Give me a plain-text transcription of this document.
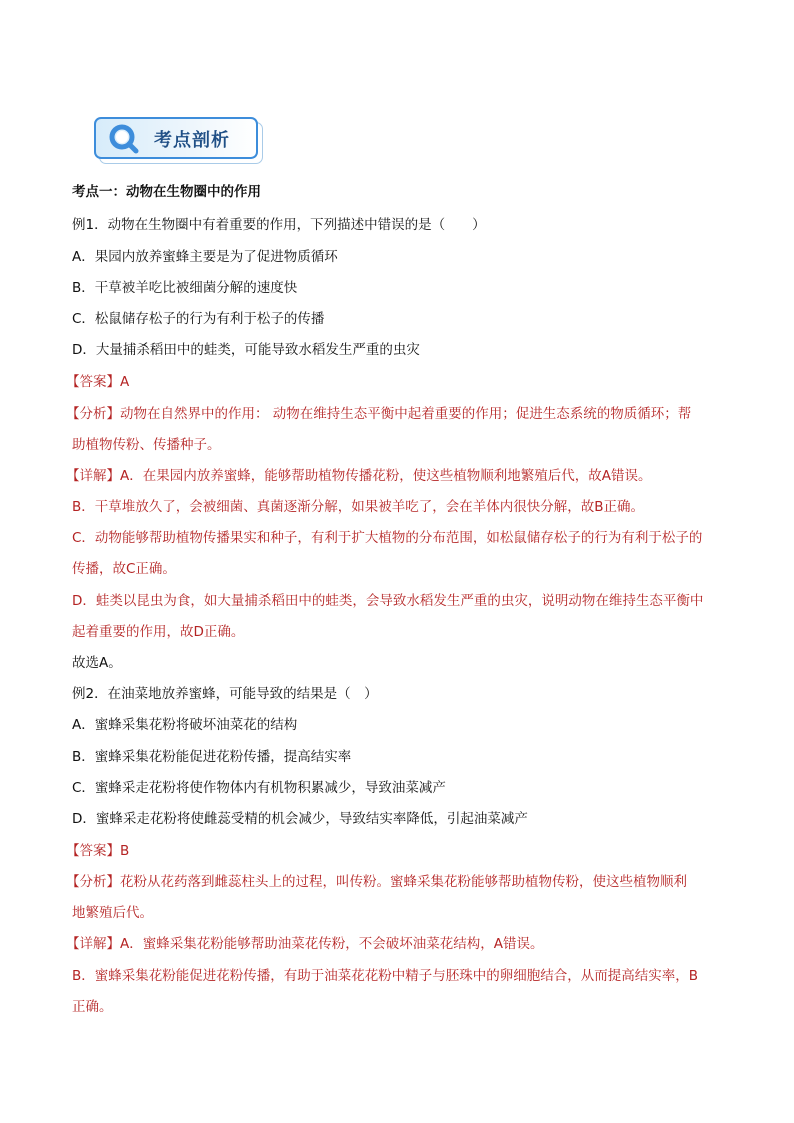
考点剖析
考点一：动物在生物圈中的作用
例1．动物在生物圈中有着重要的作用，下列描述中错误的是（　　）
A．果园内放养蜜蜂主要是为了促进物质循环
B．干草被羊吃比被细菌分解的速度快
C．松鼠储存松子的行为有利于松子的传播
D．大量捕杀稻田中的蛙类，可能导致水稻发生严重的虫灾
【答案】A
【分析】动物在自然界中的作用： 动物在维持生态平衡中起着重要的作用；促进生态系统的物质循环；帮
助植物传粉、传播种子。
【详解】A．在果园内放养蜜蜂，能够帮助植物传播花粉，使这些植物顺利地繁殖后代，故A错误。
B．干草堆放久了，会被细菌、真菌逐渐分解，如果被羊吃了，会在羊体内很快分解，故B正确。
C．动物能够帮助植物传播果实和种子，有利于扩大植物的分布范围，如松鼠储存松子的行为有利于松子的
传播，故C正确。
D．蛙类以昆虫为食，如大量捕杀稻田中的蛙类，会导致水稻发生严重的虫灾，说明动物在维持生态平衡中
起着重要的作用，故D正确。
故选A。
例2．在油菜地放养蜜蜂，可能导致的结果是（　）
A．蜜蜂采集花粉将破坏油菜花的结构
B．蜜蜂采集花粉能促进花粉传播，提高结实率
C．蜜蜂采走花粉将使作物体内有机物积累减少，导致油菜减产
D．蜜蜂采走花粉将使雌蕊受精的机会减少，导致结实率降低，引起油菜减产
【答案】B
【分析】花粉从花药落到雌蕊柱头上的过程，叫传粉。蜜蜂采集花粉能够帮助植物传粉，使这些植物顺利
地繁殖后代。
【详解】A．蜜蜂采集花粉能够帮助油菜花传粉，不会破坏油菜花结构，A错误。
B．蜜蜂采集花粉能促进花粉传播，有助于油菜花花粉中精子与胚珠中的卵细胞结合，从而提高结实率，B
正确。
